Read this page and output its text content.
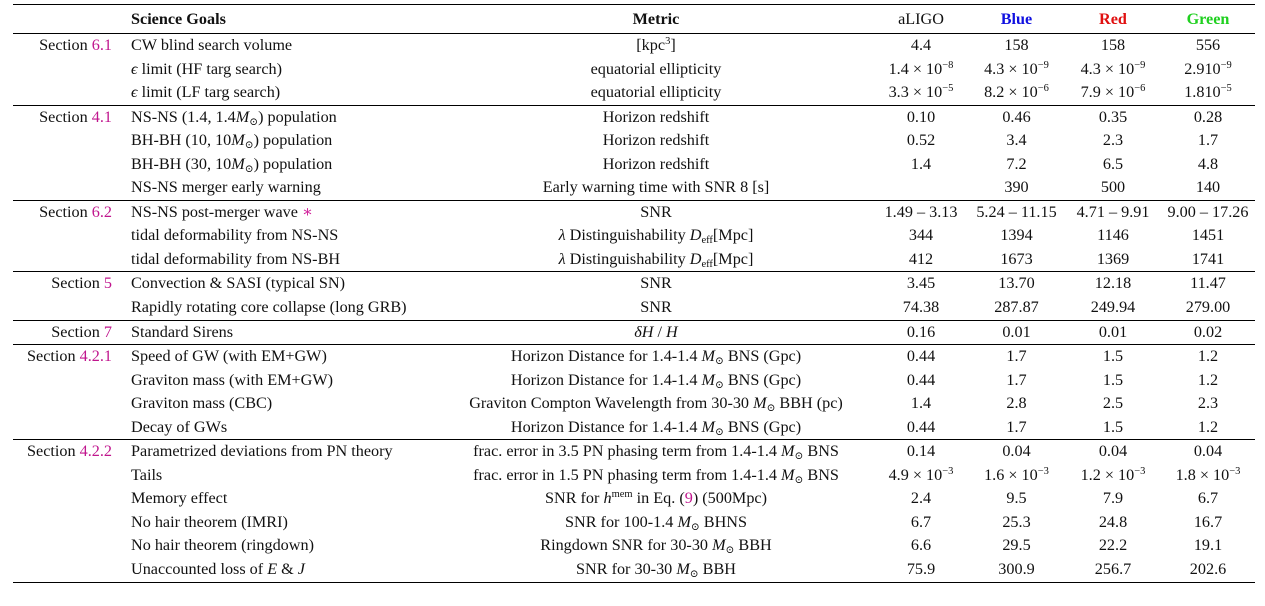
	Science Goals	Metric	aLIGO	Blue	Red	Green
Section 6.1	CW blind search volume	[kpc$^3$]	4.4	158	158	556
	ϵ limit (HF targ search)	equatorial ellipticity	$1.4 \times 10^{-8}$	$4.3 \times 10^{-9}$	$4.3 \times 10^{-9}$	$2.910^{-9}$
	ϵ limit (LF targ search)	equatorial ellipticity	$3.3 \times 10^{-5}$	$8.2 \times 10^{-6}$	$7.9 \times 10^{-6}$	$1.810^{-5}$
Section 4.1	NS-NS (1.4, $1.4M_⊙$) population	Horizon redshift	0.10	0.46	0.35	0.28
	BH-BH (10, $10M_⊙$) population	Horizon redshift	0.52	3.4	2.3	1.7
	BH-BH (30, $10M_⊙$) population	Horizon redshift	1.4	7.2	6.5	4.8
	NS-NS merger early warning	Early warning time with SNR 8 [s]		390	500	140
Section 6.2	NS-NS post-merger wave ∗	SNR	1.49 – 3.13	5.24 – 11.15	4.71 – 9.91	9.00 – 17.26
	tidal deformability from NS-NS	λ Distinguishability $D_{eff}[Mpc]$	344	1394	1146	1451
	tidal deformability from NS-BH	λ Distinguishability $D_{eff}[Mpc]$	412	1673	1369	1741
Section 5	Convection & SASI (typical SN)	SNR	3.45	13.70	12.18	11.47
	Rapidly rotating core collapse (long GRB)	SNR	74.38	287.87	249.94	279.00
Section 7	Standard Sirens	δH / H	0.16	0.01	0.01	0.02
Section 4.2.1	Speed of GW (with EM+GW)	Horizon Distance for 1.4-1.4 $M_⊙$ BNS (Gpc)	0.44	1.7	1.5	1.2
	Graviton mass (with EM+GW)	Horizon Distance for 1.4-1.4 $M_⊙$ BNS (Gpc)	0.44	1.7	1.5	1.2
	Graviton mass (CBC)	Graviton Compton Wavelength from 30-30 $M_⊙$ BBH (pc)	1.4	2.8	2.5	2.3
	Decay of GWs	Horizon Distance for 1.4-1.4 $M_⊙$ BNS (Gpc)	0.44	1.7	1.5	1.2
Section 4.2.2	Parametrized deviations from PN theory	frac. error in 3.5 PN phasing term from 1.4-1.4 $M_⊙$ BNS	0.14	0.04	0.04	0.04
	Tails	frac. error in 1.5 PN phasing term from 1.4-1.4 $M_⊙$ BNS	$4.9 \times 10^{-3}$	$1.6 \times 10^{-3}$	$1.2 \times 10^{-3}$	$1.8 \times 10^{-3}$
	Memory effect	SNR for $h^{mem}$ in Eq. (9) (500Mpc)	2.4	9.5	7.9	6.7
	No hair theorem (IMRI)	SNR for 100-1.4 $M_⊙$ BHNS	6.7	25.3	24.8	16.7
	No hair theorem (ringdown)	Ringdown SNR for 30-30 $M_⊙$ BBH	6.6	29.5	22.2	19.1
	Unaccounted loss of E & J	SNR for 30-30 $M_⊙$ BBH	75.9	300.9	256.7	202.6
